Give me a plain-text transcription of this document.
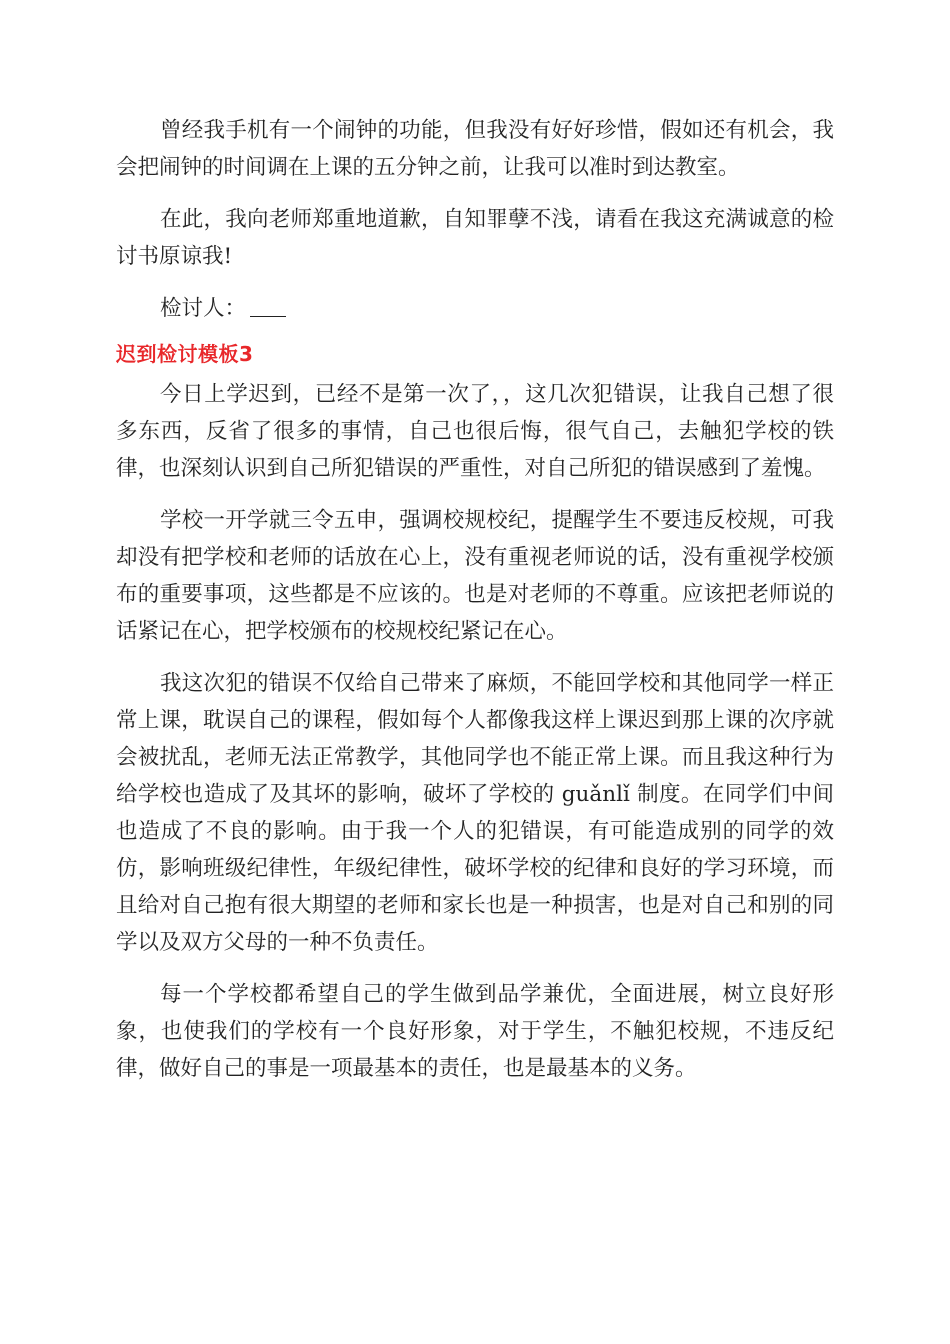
曾经我手机有一个闹钟的功能，但我没有好好珍惜，假如还有机会，我会把闹钟的时间调在上课的五分钟之前，让我可以准时到达教室。

在此，我向老师郑重地道歉，自知罪孽不浅，请看在我这充满诚意的检讨书原谅我!

检讨人：

迟到检讨模板3

今日上学迟到，已经不是第一次了，，这几次犯错误，让我自己想了很多东西，反省了很多的事情，自己也很后悔，很气自己，去触犯学校的铁律，也深刻认识到自己所犯错误的严重性，对自己所犯的错误感到了羞愧。

学校一开学就三令五申，强调校规校纪，提醒学生不要违反校规，可我却没有把学校和老师的话放在心上，没有重视老师说的话，没有重视学校颁布的重要事项，这些都是不应该的。也是对老师的不尊重。应该把老师说的话紧记在心，把学校颁布的校规校纪紧记在心。

我这次犯的错误不仅给自己带来了麻烦，不能回学校和其他同学一样正常上课，耽误自己的课程，假如每个人都像我这样上课迟到那上课的次序就会被扰乱，老师无法正常教学，其他同学也不能正常上课。而且我这种行为给学校也造成了及其坏的影响，破坏了学校的 guǎnlǐ 制度。在同学们中间也造成了不良的影响。由于我一个人的犯错误，有可能造成别的同学的效仿，影响班级纪律性，年级纪律性，破坏学校的纪律和良好的学习环境，而且给对自己抱有很大期望的老师和家长也是一种损害，也是对自己和别的同学以及双方父母的一种不负责任。

每一个学校都希望自己的学生做到品学兼优，全面进展，树立良好形象，也使我们的学校有一个良好形象，对于学生，不触犯校规，不违反纪律，做好自己的事是一项最基本的责任，也是最基本的义务。
